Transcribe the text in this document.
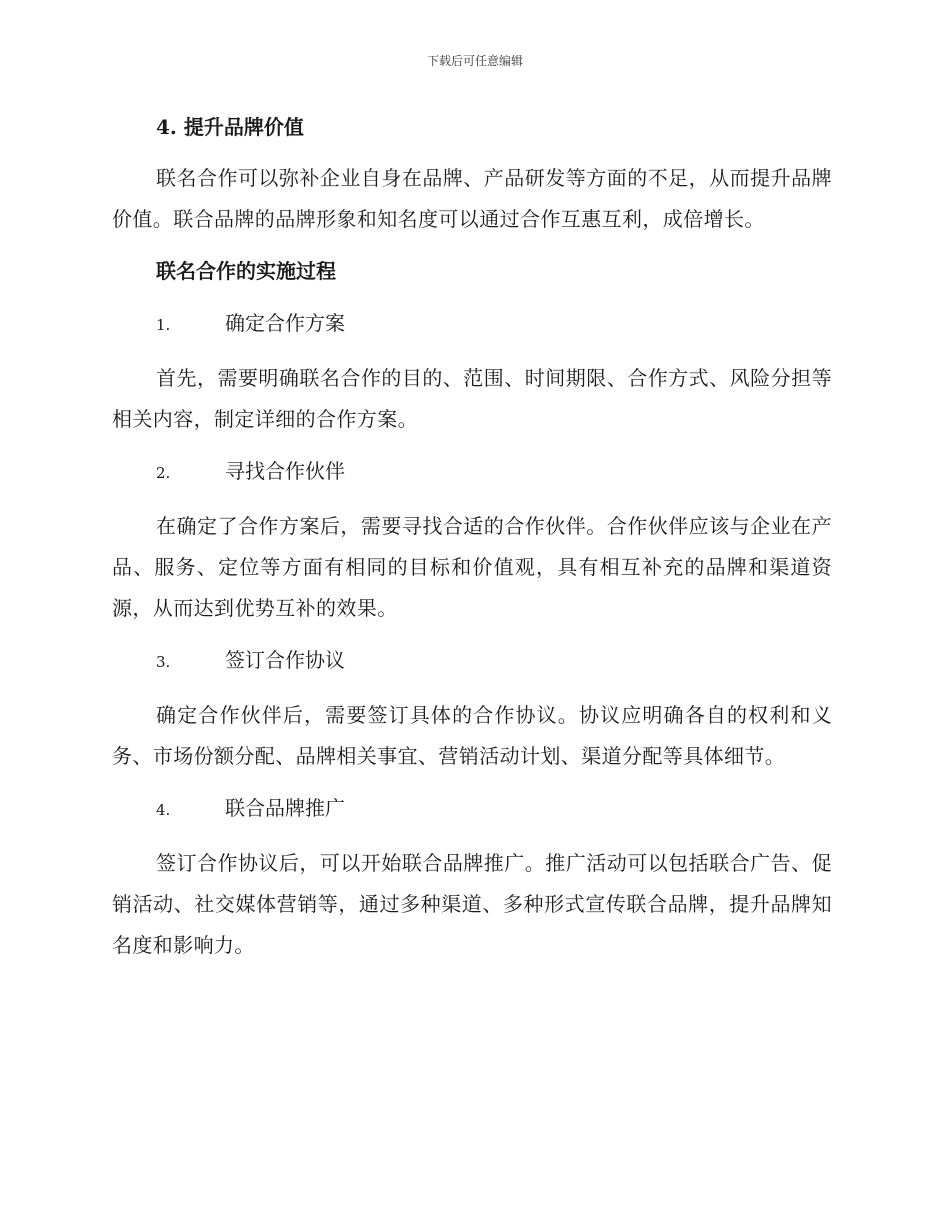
下载后可任意编辑
4. 提升品牌价值

联名合作可以弥补企业自身在品牌、产品研发等方面的不足，从而提升品牌价值。联合品牌的品牌形象和知名度可以通过合作互惠互利，成倍增长。

联名合作的实施过程
1.	确定合作方案

首先，需要明确联名合作的目的、范围、时间期限、合作方式、风险分担等相关内容，制定详细的合作方案。

2.	寻找合作伙伴

在确定了合作方案后，需要寻找合适的合作伙伴。合作伙伴应该与企业在产品、服务、定位等方面有相同的目标和价值观，具有相互补充的品牌和渠道资源，从而达到优势互补的效果。

3.	签订合作协议

确定合作伙伴后，需要签订具体的合作协议。协议应明确各自的权利和义务、市场份额分配、品牌相关事宜、营销活动计划、渠道分配等具体细节。

4.	联合品牌推广

签订合作协议后，可以开始联合品牌推广。推广活动可以包括联合广告、促销活动、社交媒体营销等，通过多种渠道、多种形式宣传联合品牌，提升品牌知名度和影响力。
